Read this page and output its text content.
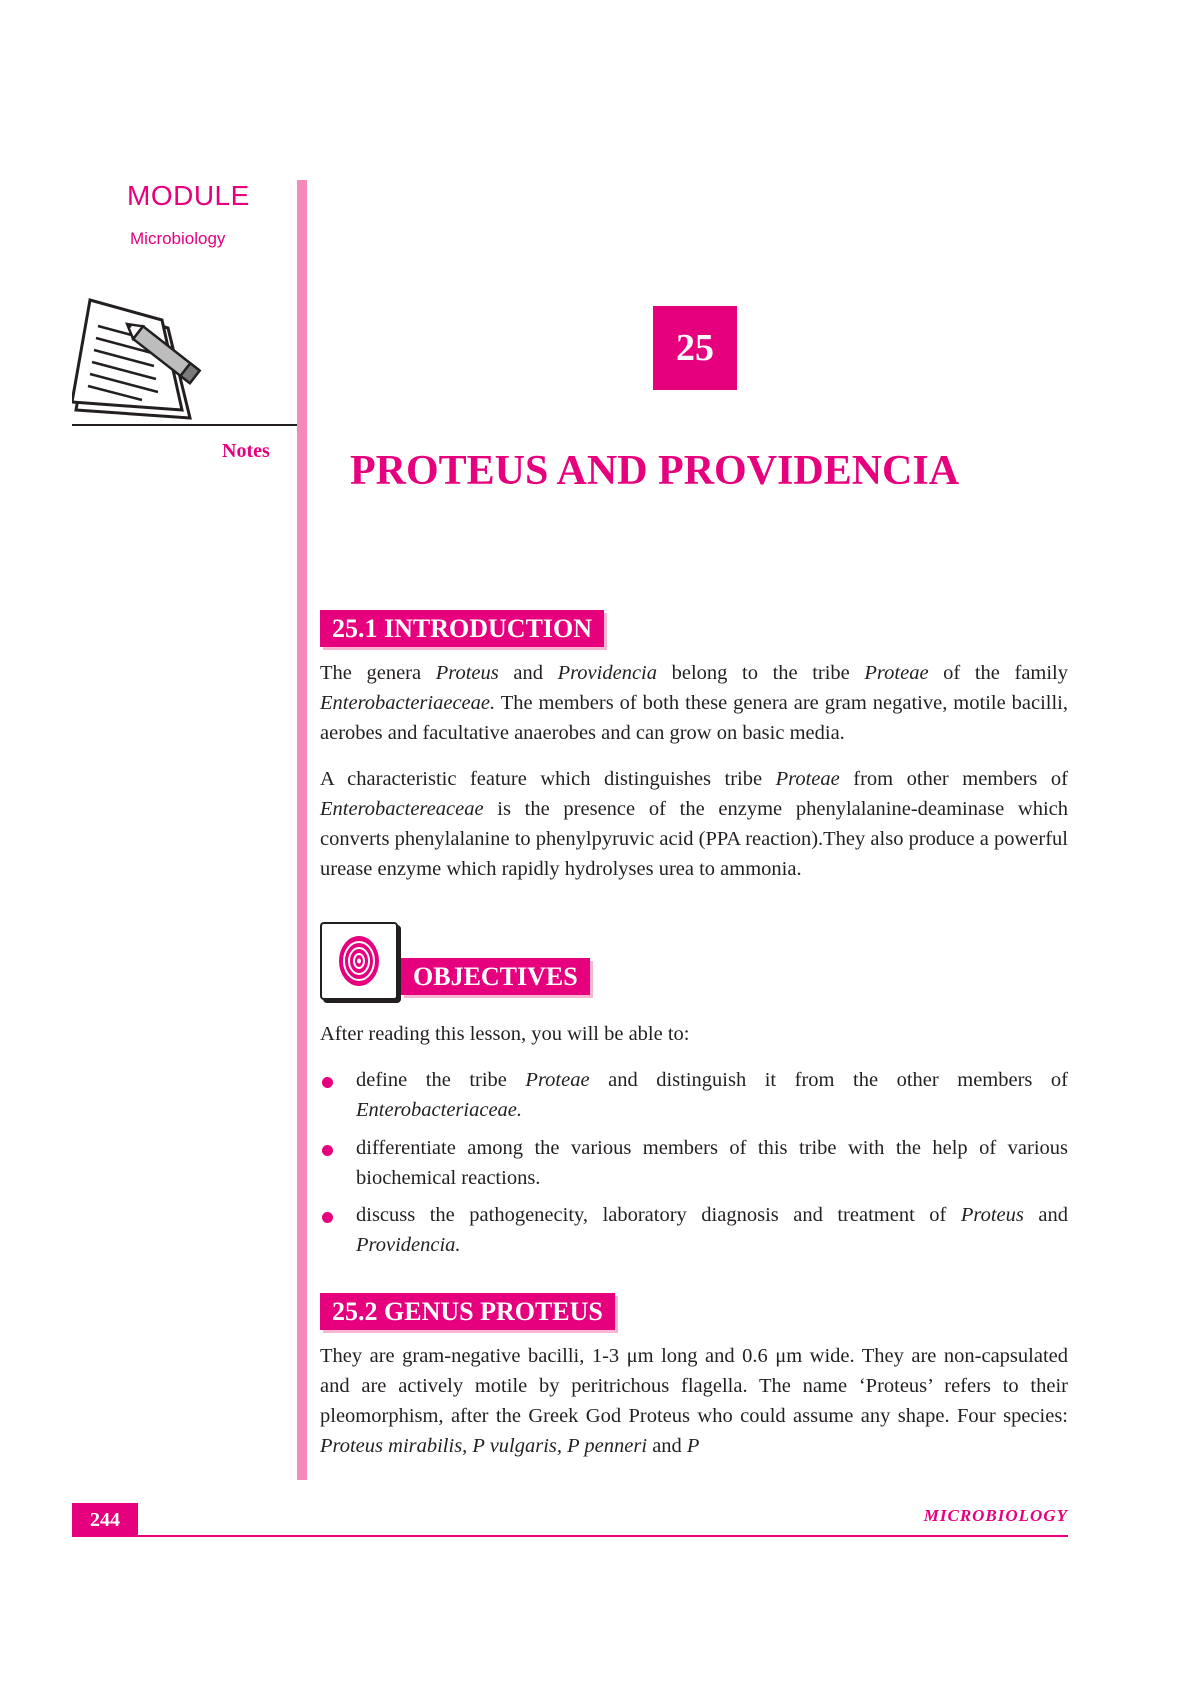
MODULE
Microbiology
Notes
25
PROTEUS AND PROVIDENCIA
25.1 INTRODUCTION

The genera Proteus and Providencia belong to the tribe Proteae of the family Enterobacteriaeceae. The members of both these genera are gram negative, motile bacilli, aerobes and facultative anaerobes and can grow on basic media.

A characteristic feature which distinguishes tribe Proteae from other members of Enterobactereaceae is the presence of the enzyme phenylalanine-deaminase which converts phenylalanine to phenylpyruvic acid (PPA reaction).They also produce a powerful urease enzyme which rapidly hydrolyses urea to ammonia.

OBJECTIVES

After reading this lesson, you will be able to:

define the tribe Proteae and distinguish it from the other members of Enterobacteriaceae.

differentiate among the various members of this tribe with the help of various biochemical reactions.

discuss the pathogenecity, laboratory diagnosis and treatment of Proteus and Providencia.

25.2 GENUS PROTEUS

They are gram-negative bacilli, 1-3 μm long and 0.6 μm wide. They are non-capsulated and are actively motile by peritrichous flagella. The name ‘Proteus’ refers to their pleomorphism, after the Greek God Proteus who could assume any shape. Four species: Proteus mirabilis, P vulgaris, P penneri and P

244	MICROBIOLOGY
